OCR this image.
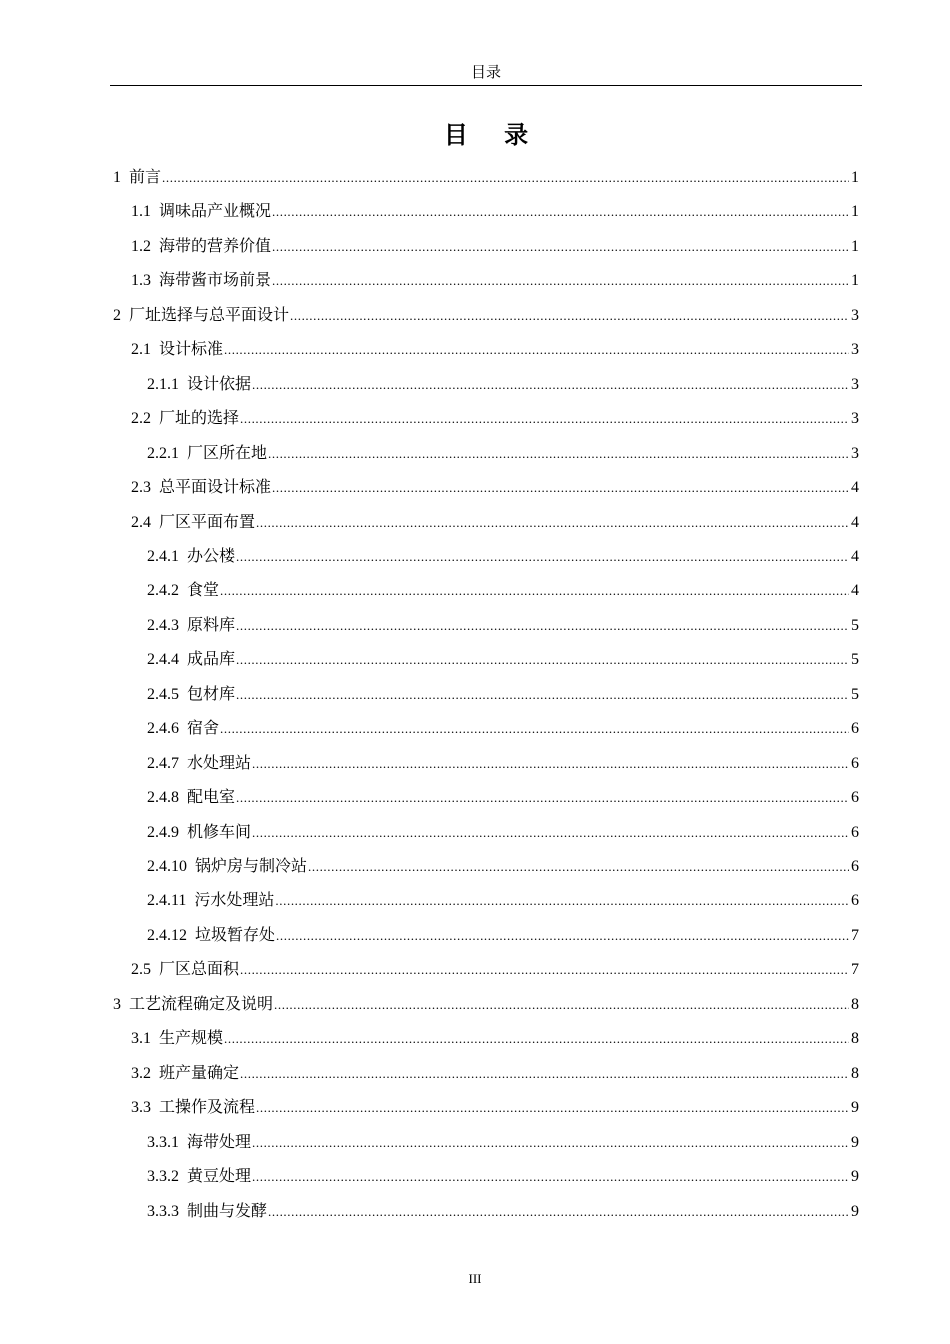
目录
目 录
1 前言 .....	1
1.1 调味品产业概况 .....	1
1.2 海带的营养价值 .....	1
1.3 海带酱市场前景 .....	1
2 厂址选择与总平面设计 .....	3
2.1 设计标准 .....	3
2.1.1 设计依据 .....	3
2.2 厂址的选择 .....	3
2.2.1 厂区所在地 .....	3
2.3 总平面设计标准 .....	4
2.4 厂区平面布置 .....	4
2.4.1 办公楼 .....	4
2.4.2 食堂 .....	4
2.4.3 原料库 .....	5
2.4.4 成品库 .....	5
2.4.5 包材库 .....	5
2.4.6 宿舍 .....	6
2.4.7 水处理站 .....	6
2.4.8 配电室 .....	6
2.4.9 机修车间 .....	6
2.4.10 锅炉房与制冷站 .....	6
2.4.11 污水处理站 .....	6
2.4.12 垃圾暂存处 .....	7
2.5 厂区总面积 .....	7
3 工艺流程确定及说明 .....	8
3.1 生产规模 .....	8
3.2 班产量确定 .....	8
3.3 工操作及流程 .....	9
3.3.1 海带处理 .....	9
3.3.2 黄豆处理 .....	9
3.3.3 制曲与发酵 .....	9
III
